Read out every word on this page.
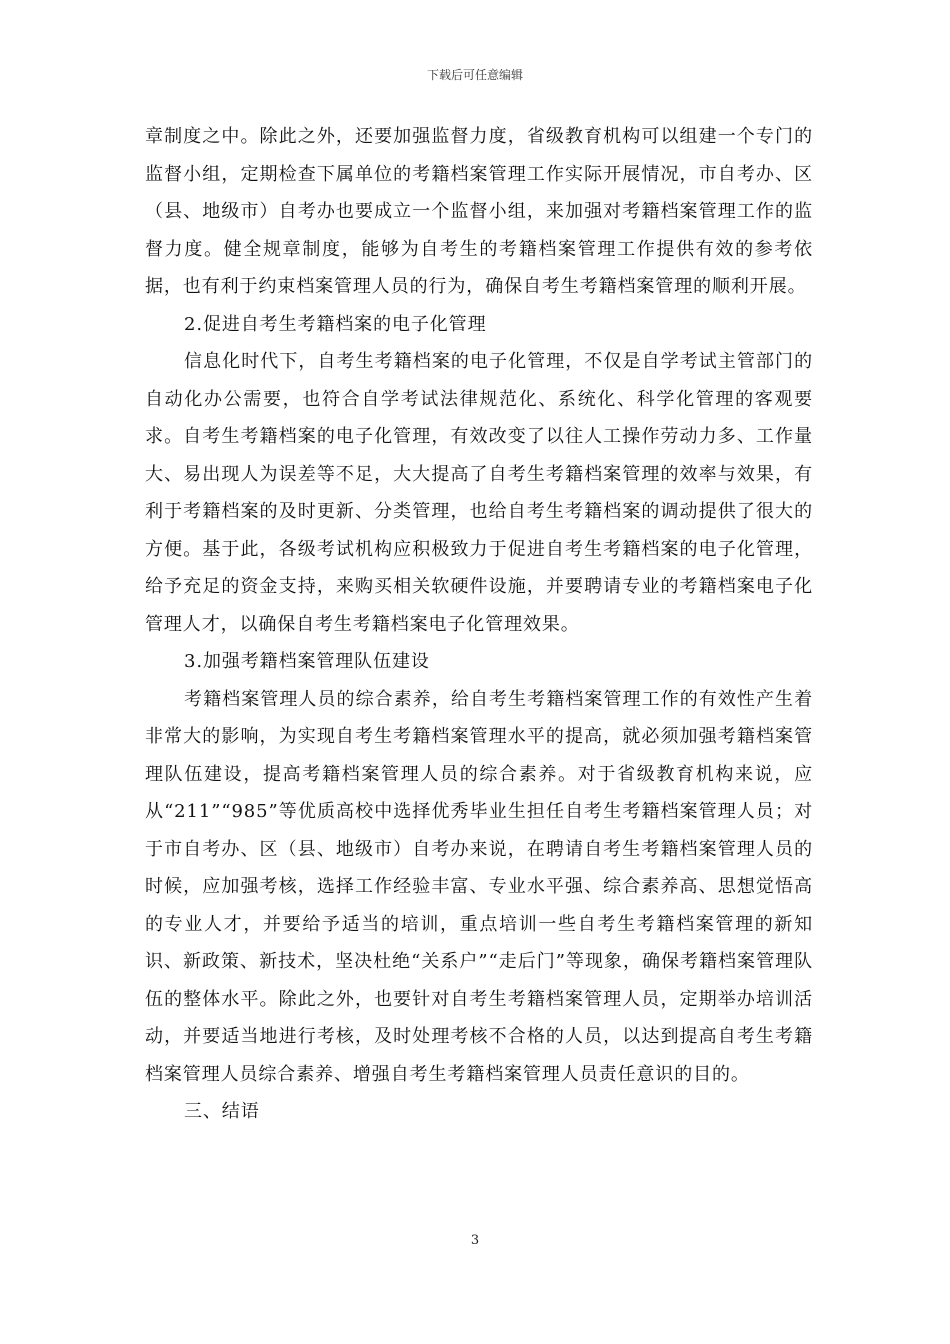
下载后可任意编辑

章制度之中。除此之外，还要加强监督力度，省级教育机构可以组建一个专门的监督小组，定期检查下属单位的考籍档案管理工作实际开展情况，市自考办、区（县、地级市）自考办也要成立一个监督小组，来加强对考籍档案管理工作的监督力度。健全规章制度，能够为自考生的考籍档案管理工作提供有效的参考依据，也有利于约束档案管理人员的行为，确保自考生考籍档案管理的顺利开展。

2.促进自考生考籍档案的电子化管理

信息化时代下，自考生考籍档案的电子化管理，不仅是自学考试主管部门的自动化办公需要，也符合自学考试法律规范化、系统化、科学化管理的客观要求。自考生考籍档案的电子化管理，有效改变了以往人工操作劳动力多、工作量大、易出现人为误差等不足，大大提高了自考生考籍档案管理的效率与效果，有利于考籍档案的及时更新、分类管理，也给自考生考籍档案的调动提供了很大的方便。基于此，各级考试机构应积极致力于促进自考生考籍档案的电子化管理，给予充足的资金支持，来购买相关软硬件设施，并要聘请专业的考籍档案电子化管理人才，以确保自考生考籍档案电子化管理效果。

3.加强考籍档案管理队伍建设

考籍档案管理人员的综合素养，给自考生考籍档案管理工作的有效性产生着非常大的影响，为实现自考生考籍档案管理水平的提高，就必须加强考籍档案管理队伍建设，提高考籍档案管理人员的综合素养。对于省级教育机构来说，应从“211”“985”等优质高校中选择优秀毕业生担任自考生考籍档案管理人员；对于市自考办、区（县、地级市）自考办来说，在聘请自考生考籍档案管理人员的时候，应加强考核，选择工作经验丰富、专业水平强、综合素养高、思想觉悟高的专业人才，并要给予适当的培训，重点培训一些自考生考籍档案管理的新知识、新政策、新技术，坚决杜绝“关系户”“走后门”等现象，确保考籍档案管理队伍的整体水平。除此之外，也要针对自考生考籍档案管理人员，定期举办培训活动，并要适当地进行考核，及时处理考核不合格的人员，以达到提高自考生考籍档案管理人员综合素养、增强自考生考籍档案管理人员责任意识的目的。

三、结语

3
